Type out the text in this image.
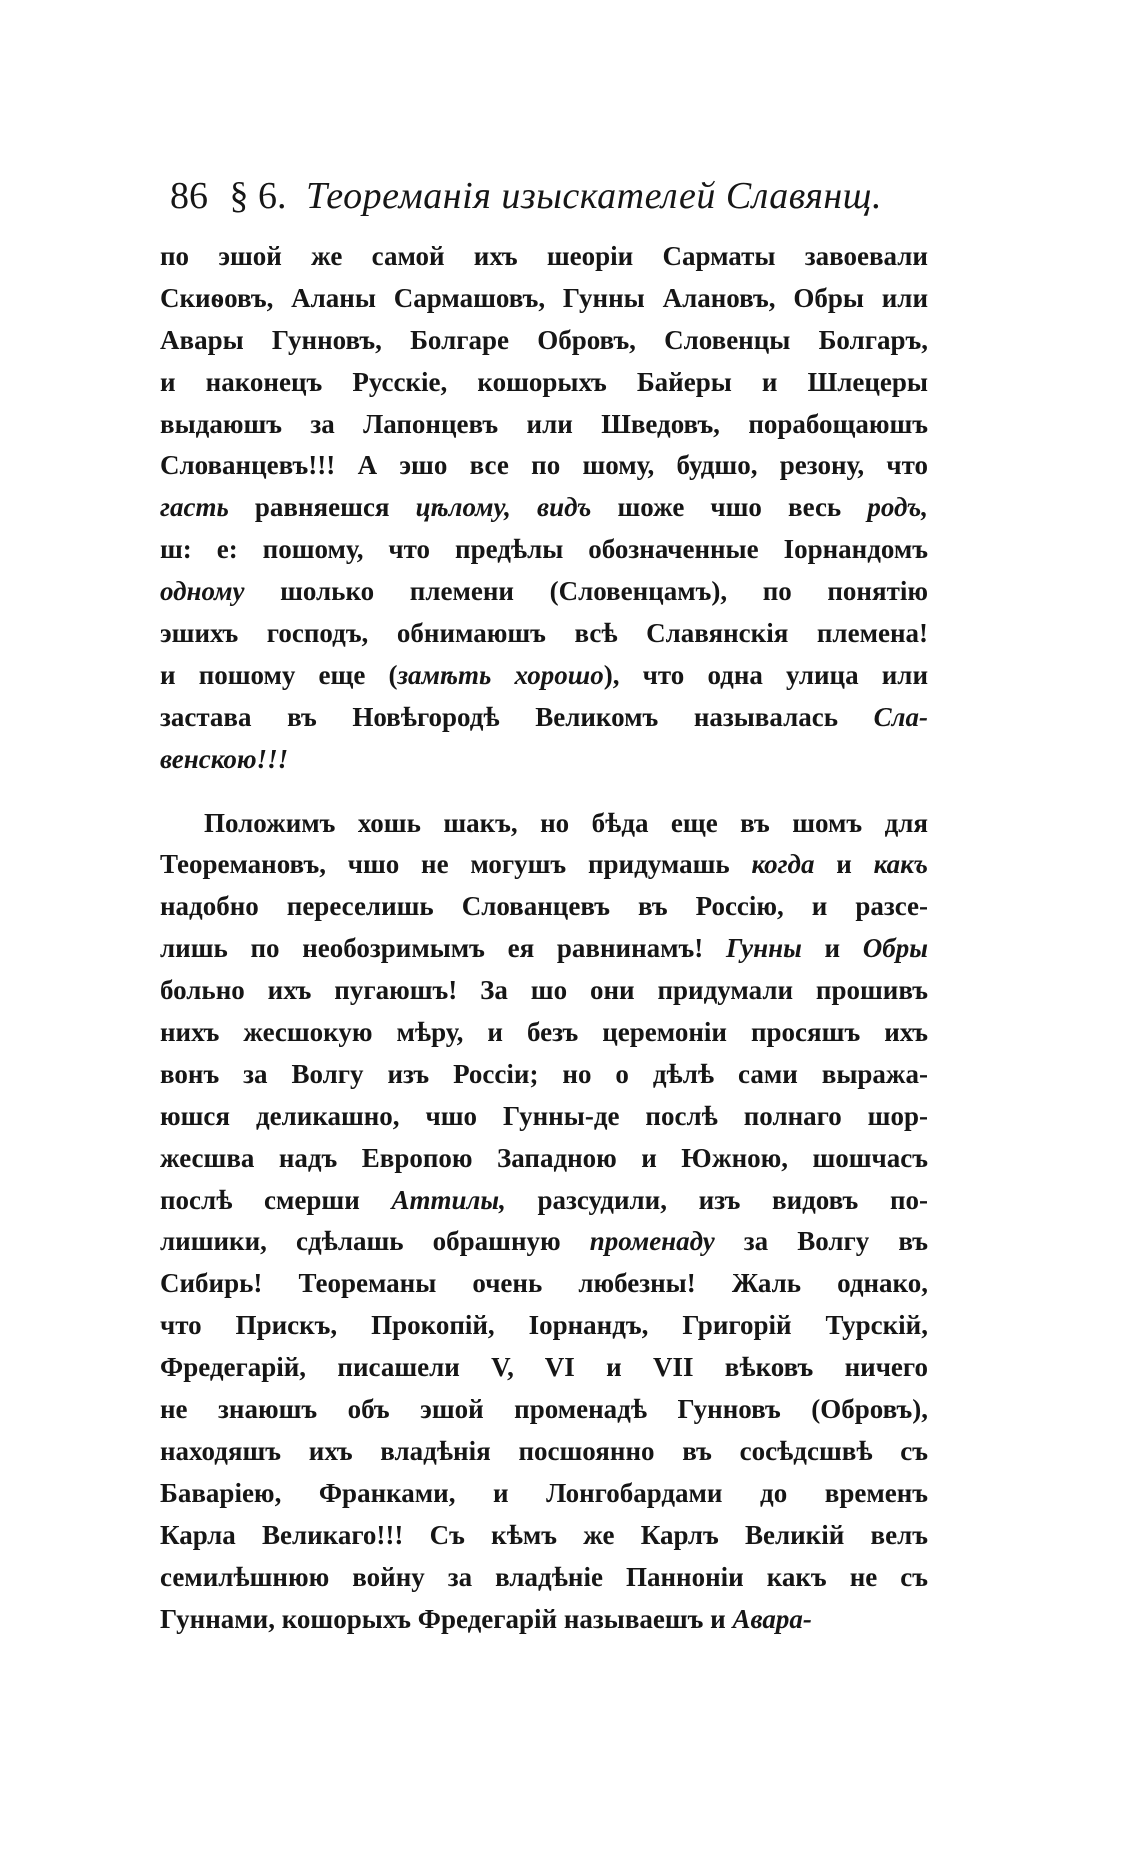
86 § 6. Теореманія изыскателей Славянщ.
по эшой же самой ихъ шеоріи Сарматы завоевали
Скиѳовъ, Аланы Сармашовъ, Гунны Алановъ, Обры или
Авары Гунновъ, Болгаре Обровъ, Словенцы Болгаръ,
и наконецъ Русскіе, кошорыхъ Байеры и Шлецеры
выдаюшъ за Лапонцевъ или Шведовъ, порабощаюшъ
Слованцевъ!!! А эшо все по шому, будшо, резону, что
гасть равняешся цѣлому, видъ шоже чшо весь родъ,
ш: е: пошому, что предѣлы обозначенные Іорнандомъ
одному шолько племени (Словенцамъ), по понятію
эшихъ господъ, обнимаюшъ всѣ Славянскія племена!
и пошому еще (замѣть хорошо), что одна улица или
застава въ Новѣгородѣ Великомъ называлась Сла-
венскою!!!
Положимъ хошь шакъ, но бѣда еще въ шомъ для
Теоремановъ, чшо не могушъ придумашь когда и какъ
надобно переселишь Слованцевъ въ Россію, и разсе-
лишь по необозримымъ ея равнинамъ! Гунны и Обры
больно ихъ пугаюшъ! За шо они придумали прошивъ
нихъ жесшокую мѣру, и безъ церемоніи просяшъ ихъ
вонъ за Волгу изъ Россіи; но о дѣлѣ сами выража-
юшся деликашно, чшо Гунны-де послѣ полнаго шор-
жесшва надъ Европою Западною и Южною, шошчасъ
послѣ смерши Аттилы, разсудили, изъ видовъ по-
лишики, сдѣлашь обрашную променаду за Волгу въ
Сибирь! Теореманы очень любезны! Жаль однако,
что Прискъ, Прокопій, Іорнандъ, Григорій Турскій,
Фредегарій, писашели V, VI и VII вѣковъ ничего
не знаюшъ объ эшой променадѣ Гунновъ (Обровъ),
находяшъ ихъ владѣнія посшоянно въ сосѣдсшвѣ съ
Баваріею, Франками, и Лонгобардами до временъ
Карла Великаго!!! Съ кѣмъ же Карлъ Великій велъ
семилѣшнюю войну за владѣніе Панноніи какъ не съ
Гуннами, кошорыхъ Фредегарій называешъ и Авара-
